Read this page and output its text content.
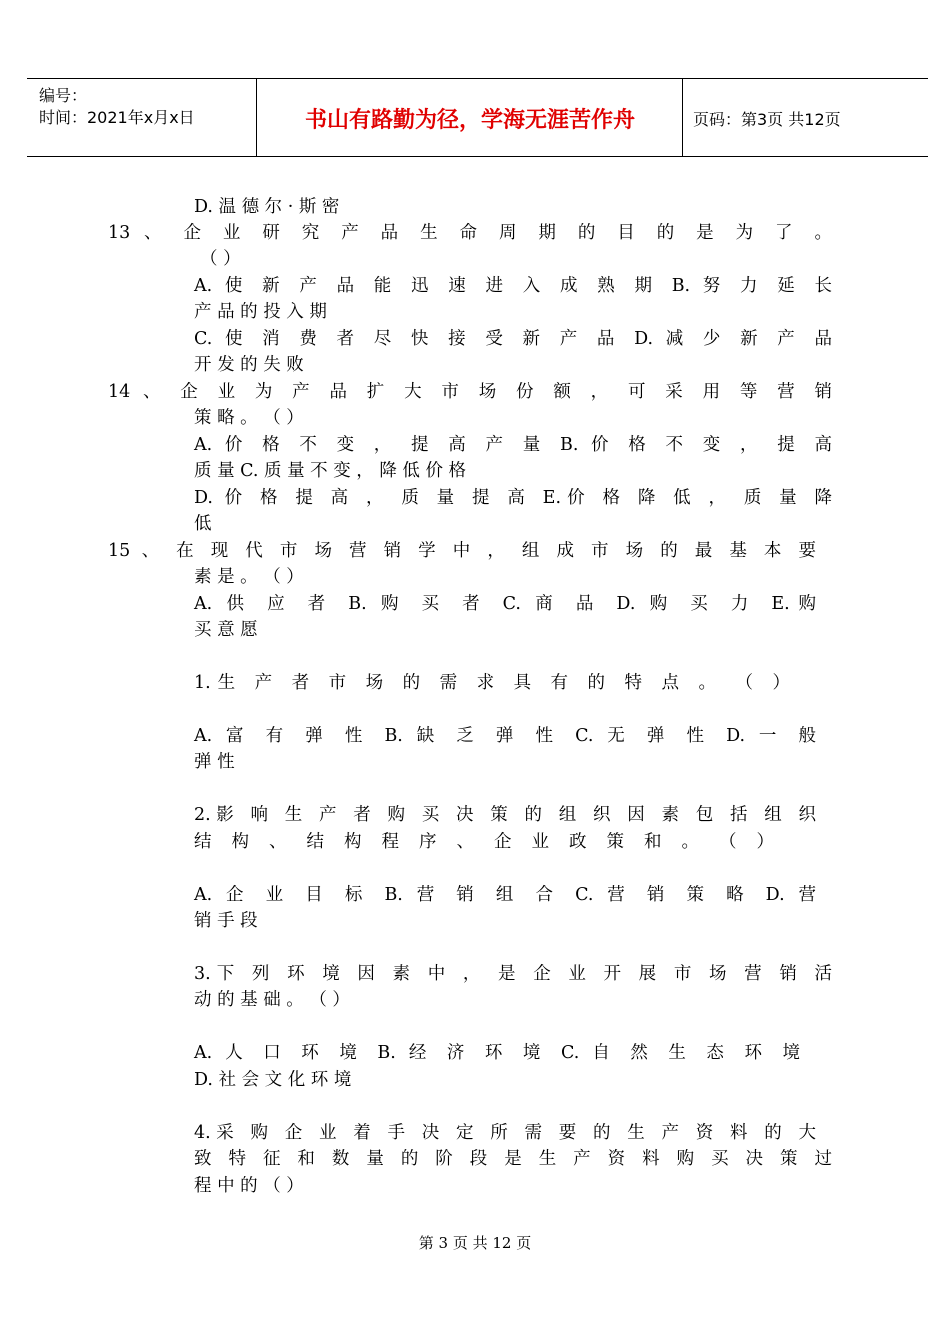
编号：
时间：2021年x月x日	书山有路勤为径，学海无涯苦作舟	页码：第3页 共12页
D. 温 德 尔 · 斯 密
13 、 企 业 研 究 产 品 生 命 周 期 的 目 的 是 为 了 。
（ ）
A. 使 新 产 品 能 迅 速 进 入 成 熟 期 B. 努 力 延 长
产 品 的 投 入 期
C. 使 消 费 者 尽 快 接 受 新 产 品 D. 减 少 新 产 品
开 发 的 失 败
14 、 企 业 为 产 品 扩 大 市 场 份 额 ， 可 采 用 等 营 销
策 略 。 （ ）
A. 价 格 不 变 ， 提 高 产 量 B. 价 格 不 变 ， 提 高
质 量 C. 质 量 不 变 ， 降 低 价 格
D. 价 格 提 高 ， 质 量 提 高 E.价 格 降 低 ， 质 量 降
低
15 、 在 现 代 市 场 营 销 学 中 ， 组 成 市 场 的 最 基 本 要
素 是 。 （ ）
A. 供 应 者 B. 购 买 者 C. 商 品 D. 购 买 力 E.购
买 意 愿
1.生 产 者 市 场 的 需 求 具 有 的 特 点 。 （ ）
A. 富 有 弹 性 B. 缺 乏 弹 性 C. 无 弹 性 D. 一 般
弹 性
2.影 响 生 产 者 购 买 决 策 的 组 织 因 素 包 括 组 织
结 构 、 结 构 程 序 、 企 业 政 策 和 。 （ ）
A. 企 业 目 标 B. 营 销 组 合 C. 营 销 策 略 D. 营
销 手 段
3.下 列 环 境 因 素 中 ， 是 企 业 开 展 市 场 营 销 活
动 的 基 础 。 （ ）
A. 人 口 环 境 B. 经 济 环 境 C. 自 然 生 态 环 境
D. 社 会 文 化 环 境
4.采 购 企 业 着 手 决 定 所 需 要 的 生 产 资 料 的 大
致 特 征 和 数 量 的 阶 段 是 生 产 资 料 购 买 决 策 过
程 中 的 （ ）
第 3 页 共 12 页
